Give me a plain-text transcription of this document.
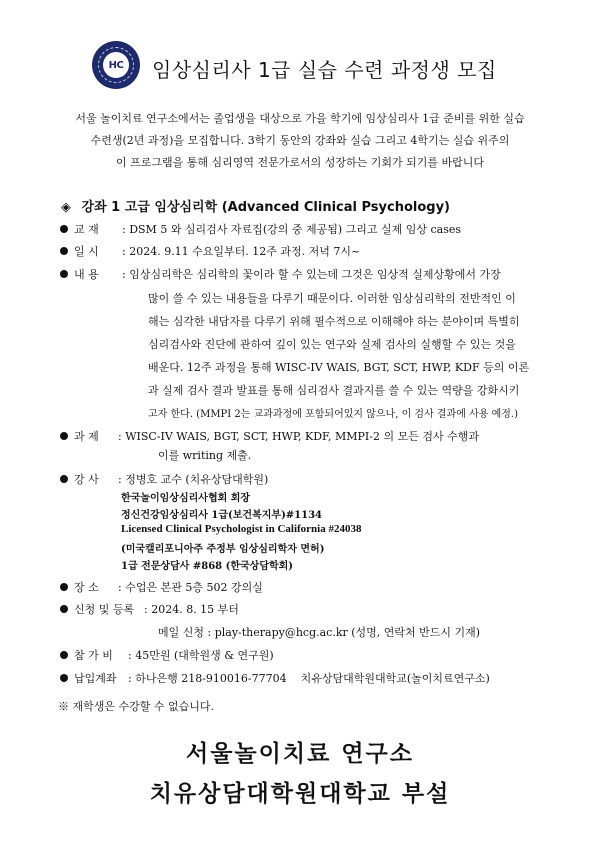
HC 임상심리사 1급 실습 수련 과정생 모집
서울 놀이치료 연구소에서는 졸업생을 대상으로 가을 학기에 임상심리사 1급 준비를 위한 실습
수련생(2년 과정)을 모집합니다. 3학기 동안의 강좌와 실습 그리고 4학기는 실습 위주의
이 프로그램을 통해 심리영역 전문가로서의 성장하는 기회가 되기를 바랍니다
◈ 강좌 1 고급 임상심리학 (Advanced Clinical Psychology)
교 재 : DSM 5 와 심리검사 자료집(강의 중 제공됨) 그리고 실제 임상 cases
일 시 : 2024. 9.11 수요일부터. 12주 과정. 저녁 7시~
내 용 : 임상심리학은 심리학의 꽃이라 할 수 있는데 그것은 임상적 실제상황에서 가장
많이 쓸 수 있는 내용들을 다루기 때문이다. 이러한 임상심리학의 전반적인 이
해는 심각한 내담자를 다루기 위해 필수적으로 이해해야 하는 분야이며 특별히
심리검사와 진단에 관하여 깊이 있는 연구와 실제 검사의 실행할 수 있는 것을
배운다. 12주 과정을 통해 WISC-IV WAIS, BGT, SCT, HWP, KDF 등의 이론
과 실제 검사 결과 발표를 통해 심리검사 결과지를 쓸 수 있는 역량을 강화시키
고자 한다. (MMPI 2는 교과과정에 포함되어있지 않으나, 이 검사 결과에 사용 예정.)
과 제 : WISC-IV WAIS, BGT, SCT, HWP, KDF, MMPI-2 의 모든 검사 수행과
이를 writing 제출.
강 사 : 정병호 교수 (치유상담대학원)
한국놀이임상심리사협회 회장
정신건강임상심리사 1급(보건복지부)#1134
Licensed Clinical Psychologist in California #24038
(미국캘리포니아주 주정부 임상심리학자 면허)
1급 전문상담사 #868 (한국상담학회)
장 소 : 수업은 본관 5층 502 강의실
신청 및 등록 : 2024. 8. 15 부터
메일 신청 : play-therapy@hcg.ac.kr (성명, 연락처 반드시 기재)
참 가 비 : 45만원 (대학원생 & 연구원)
납입계좌 : 하나은행 218-910016-77704    치유상담대학원대학교(놀이치료연구소)
※ 재학생은 수강할 수 없습니다.
서울놀이치료 연구소
치유상담대학원대학교 부설
